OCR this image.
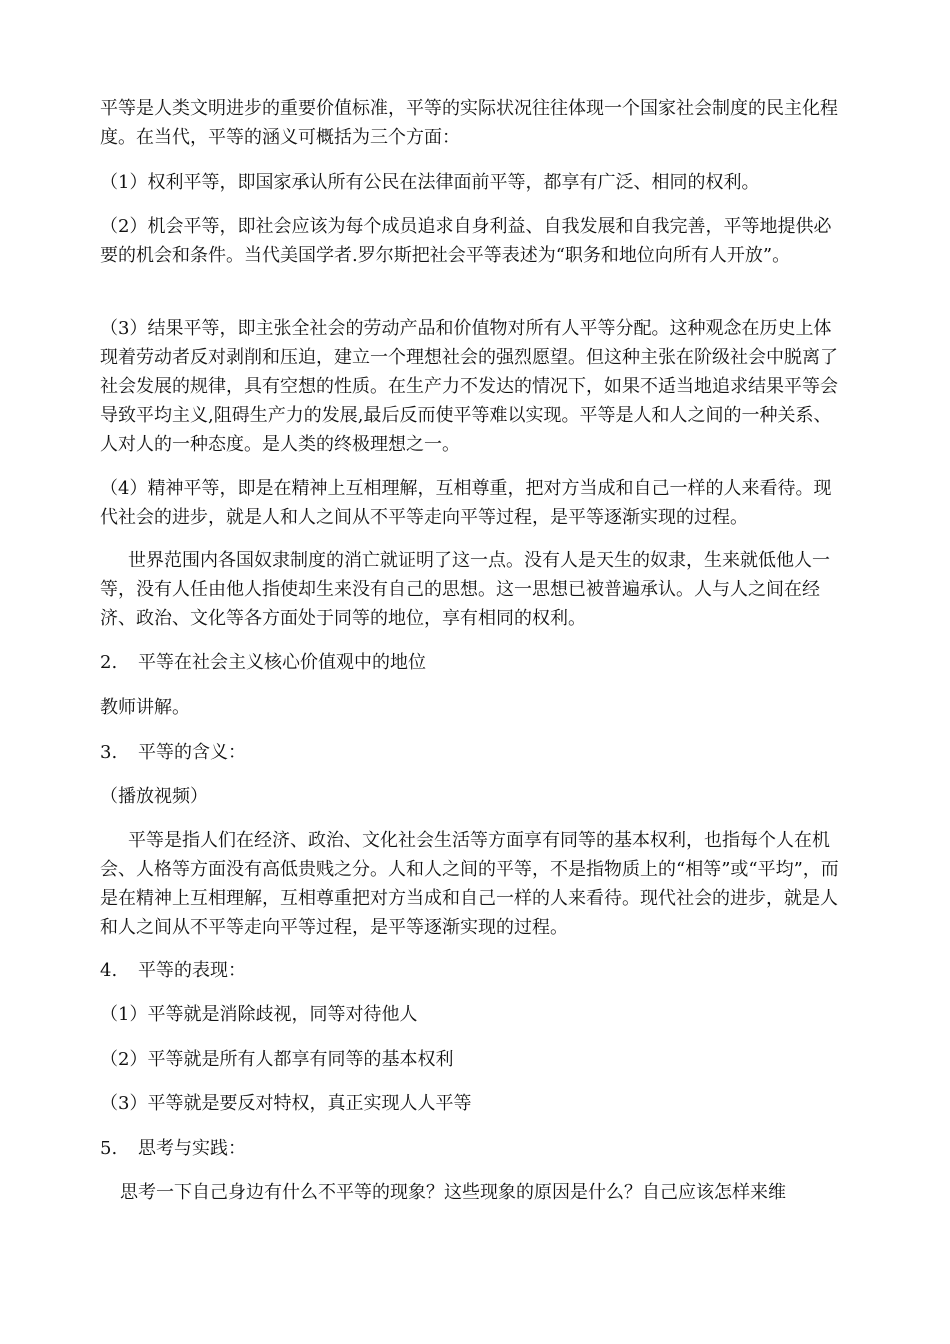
平等是人类文明进步的重要价值标准，平等的实际状况往往体现一个国家社会制度的民主化程度。在当代，平等的涵义可概括为三个方面：

（1）权利平等，即国家承认所有公民在法律面前平等，都享有广泛、相同的权利。

（2）机会平等，即社会应该为每个成员追求自身利益、自我发展和自我完善，平等地提供必要的机会和条件。当代美国学者.罗尔斯把社会平等表述为“职务和地位向所有人开放”。

（3）结果平等，即主张全社会的劳动产品和价值物对所有人平等分配。这种观念在历史上体现着劳动者反对剥削和压迫，建立一个理想社会的强烈愿望。但这种主张在阶级社会中脱离了社会发展的规律，具有空想的性质。在生产力不发达的情况下，如果不适当地追求结果平等会导致平均主义,阻碍生产力的发展,最后反而使平等难以实现。平等是人和人之间的一种关系、人对人的一种态度。是人类的终极理想之一。

（4）精神平等，即是在精神上互相理解，互相尊重，把对方当成和自己一样的人来看待。现代社会的进步，就是人和人之间从不平等走向平等过程，是平等逐渐实现的过程。

世界范围内各国奴隶制度的消亡就证明了这一点。没有人是天生的奴隶，生来就低他人一等，没有人任由他人指使却生来没有自己的思想。这一思想已被普遍承认。人与人之间在经济、政治、文化等各方面处于同等的地位，享有相同的权利。

2. 平等在社会主义核心价值观中的地位

教师讲解。

3. 平等的含义：

（播放视频）

平等是指人们在经济、政治、文化社会生活等方面享有同等的基本权利，也指每个人在机会、人格等方面没有高低贵贱之分。人和人之间的平等，不是指物质上的“相等”或“平均”，而是在精神上互相理解，互相尊重把对方当成和自己一样的人来看待。现代社会的进步，就是人和人之间从不平等走向平等过程，是平等逐渐实现的过程。

4. 平等的表现：

（1）平等就是消除歧视，同等对待他人

（2）平等就是所有人都享有同等的基本权利

（3）平等就是要反对特权，真正实现人人平等

5. 思考与实践：

思考一下自己身边有什么不平等的现象？这些现象的原因是什么？自己应该怎样来维
